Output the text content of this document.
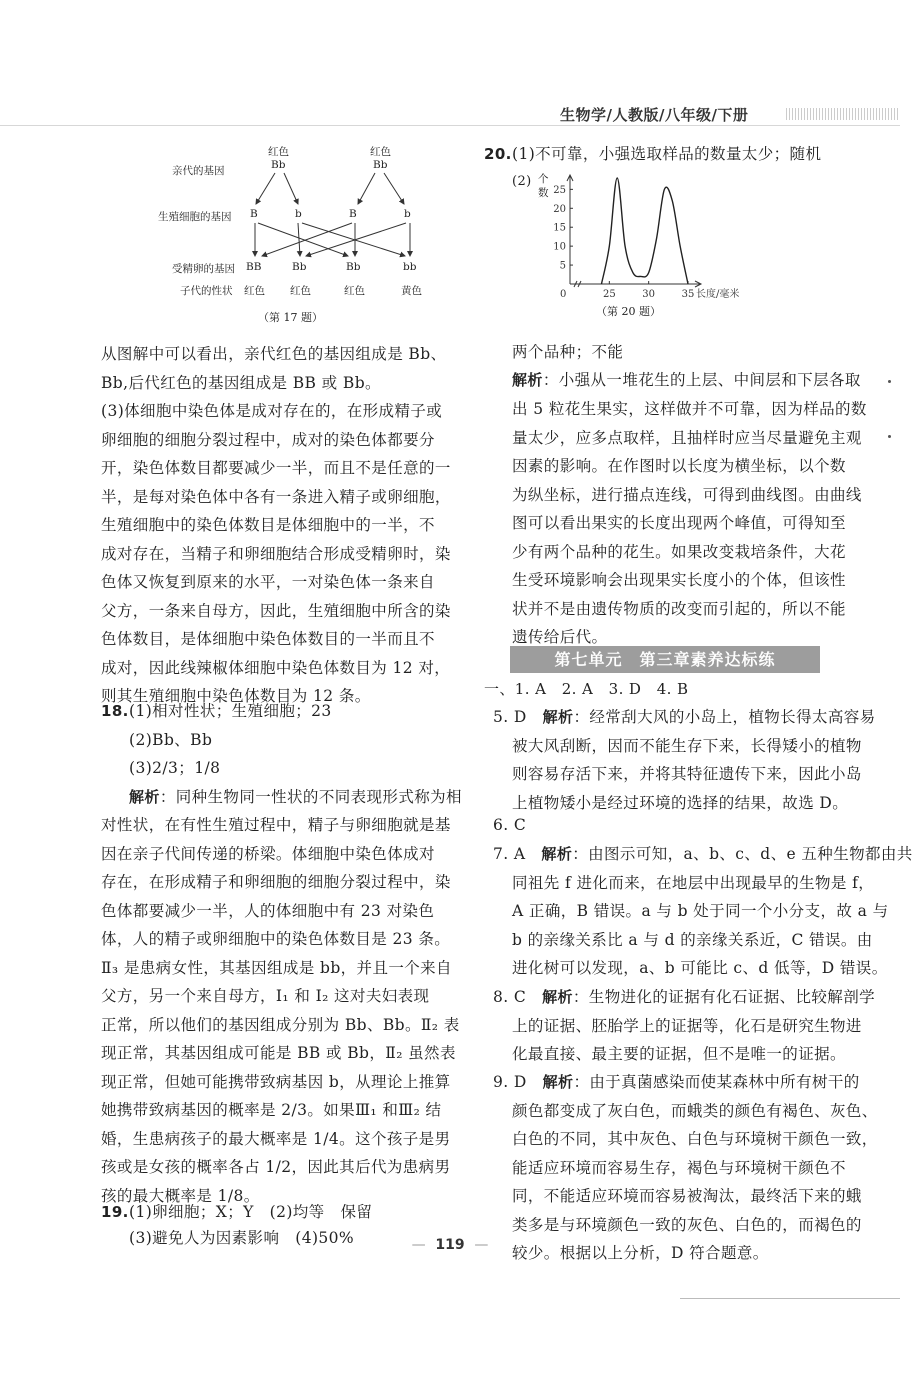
生物学/人教版/八年级/下册
亲代的基因
生殖细胞的基因
受精卵的基因
子代的性状
红色
Bb
红色
Bb
B	b	B	b
BB	Bb	Bb	bb
红色 红色	红色	黄色
（第 17 题）
从图解中可以看出，亲代红色的基因组成是 Bb、
Bb,后代红色的基因组成是 BB 或 Bb。
(3)体细胞中染色体是成对存在的，在形成精子或
卵细胞的细胞分裂过程中，成对的染色体都要分
开，染色体数目都要减少一半，而且不是任意的一
半，是每对染色体中各有一条进入精子或卵细胞，
生殖细胞中的染色体数目是体细胞中的一半，不
成对存在，当精子和卵细胞结合形成受精卵时，染
色体又恢复到原来的水平，一对染色体一条来自
父方，一条来自母方，因此，生殖细胞中所含的染
色体数目，是体细胞中染色体数目的一半而且不
成对，因此线辣椒体细胞中染色体数目为 12 对，
则其生殖细胞中染色体数目为 12 条。
18. (1)相对性状；生殖细胞；23
(2)Bb、Bb
(3)2/3；1/8
解析：同种生物同一性状的不同表现形式称为相
对性状，在有性生殖过程中，精子与卵细胞就是基
因在亲子代间传递的桥梁。体细胞中染色体成对
存在，在形成精子和卵细胞的细胞分裂过程中，染
色体都要减少一半，人的体细胞中有 23 对染色
体，人的精子或卵细胞中的染色体数目是 23 条。
Ⅱ₃ 是患病女性，其基因组成是 bb，并且一个来自
父方，另一个来自母方，Ⅰ₁ 和 Ⅰ₂ 这对夫妇表现
正常，所以他们的基因组成分别为 Bb、Bb。Ⅱ₂ 表
现正常，其基因组成可能是 BB 或 Bb，Ⅱ₂ 虽然表
现正常，但她可能携带致病基因 b，从理论上推算
她携带致病基因的概率是 2/3。如果Ⅲ₁ 和Ⅲ₂ 结
婚，生患病孩子的最大概率是 1/4。这个孩子是男
孩或是女孩的概率各占 1/2，因此其后代为患病男
孩的最大概率是 1/8。
19. (1)卵细胞；X；Y　(2)均等　保留
(3)避免人为因素影响　(4)50%
20. (1)不可靠，小强选取样品的数量太少；随机
(2)
25
20
15
10
5
25	30	35
0	长度/毫米
个数
（第 20 题）
两个品种；不能
解析：小强从一堆花生的上层、中间层和下层各取
出 5 粒花生果实，这样做并不可靠，因为样品的数
量太少，应多点取样，且抽样时应当尽量避免主观
因素的影响。在作图时以长度为横坐标，以个数
为纵坐标，进行描点连线，可得到曲线图。由曲线
图可以看出果实的长度出现两个峰值，可得知至
少有两个品种的花生。如果改变栽培条件，大花
生受环境影响会出现果实长度小的个体，但该性
状并不是由遗传物质的改变而引起的，所以不能
遗传给后代。
第七单元　第三章素养达标练
一、1. A　2. A　3. D　4. B
5. D　解析：经常刮大风的小岛上，植物长得太高容易
被大风刮断，因而不能生存下来，长得矮小的植物
则容易存活下来，并将其特征遗传下来，因此小岛
上植物矮小是经过环境的选择的结果，故选 D。
6. C
7. A　解析：由图示可知，a、b、c、d、e 五种生物都由共
同祖先 f 进化而来，在地层中出现最早的生物是 f，
A 正确，B 错误。a 与 b 处于同一个小分支，故 a 与
b 的亲缘关系比 a 与 d 的亲缘关系近，C 错误。由
进化树可以发现，a、b 可能比 c、d 低等，D 错误。
8. C　解析：生物进化的证据有化石证据、比较解剖学
上的证据、胚胎学上的证据等，化石是研究生物进
化最直接、最主要的证据，但不是唯一的证据。
9. D　解析：由于真菌感染而使某森林中所有树干的
颜色都变成了灰白色，而蛾类的颜色有褐色、灰色、
白色的不同，其中灰色、白色与环境树干颜色一致，
能适应环境而容易生存，褐色与环境树干颜色不
同，不能适应环境而容易被淘汰，最终活下来的蛾
类多是与环境颜色一致的灰色、白色的，而褐色的
较少。根据以上分析，D 符合题意。
— 119 —
